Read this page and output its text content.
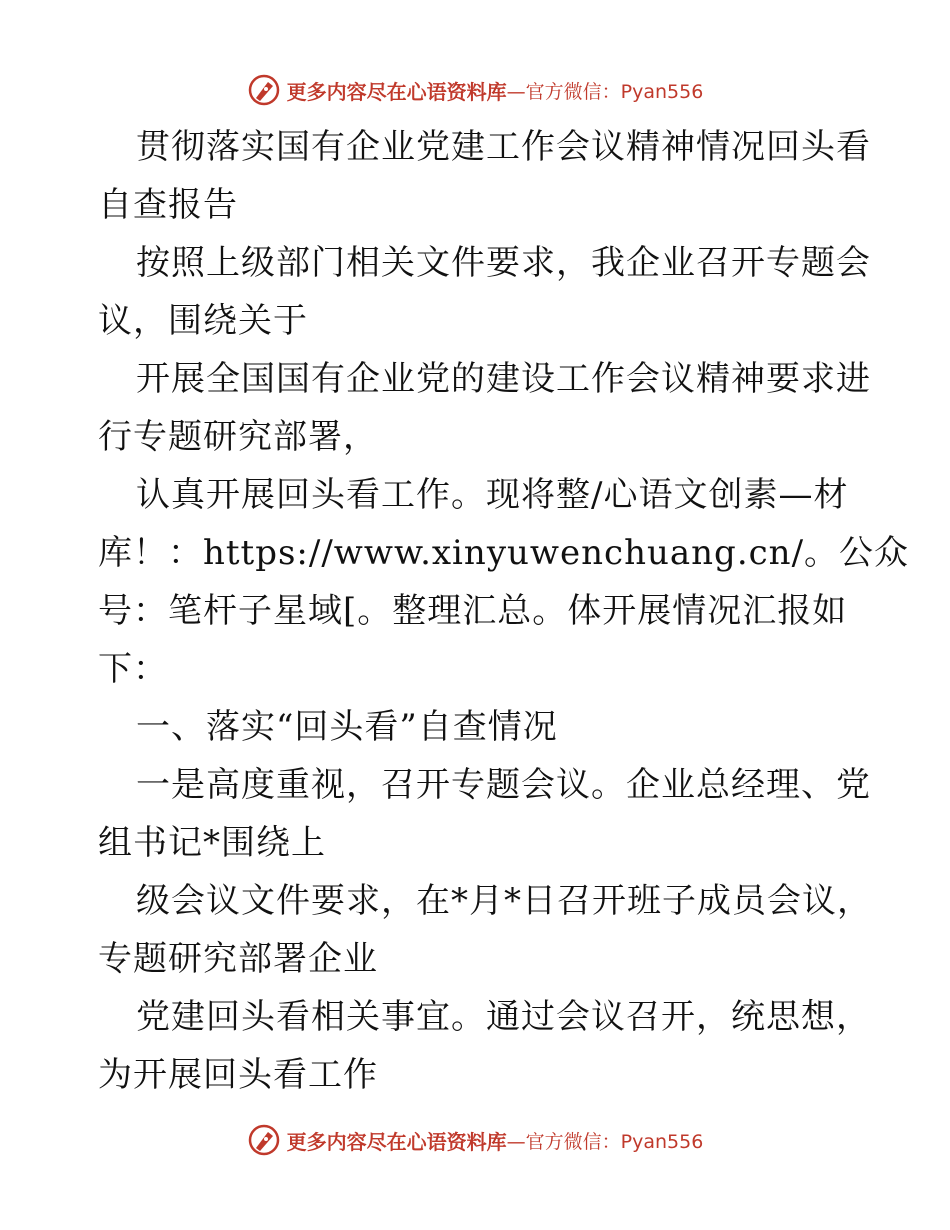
更多内容尽在心语资料库 —官方微信：Pyan556
贯彻落实国有企业党建工作会议精神情况回头看
自查报告
按照上级部门相关文件要求，我企业召开专题会
议，围绕关于
开展全国国有企业党的建设工作会议精神要求进
行专题研究部署，
认真开展回头看工作。现将整/心语文创素—材
库！：https://www.xinyuwenchuang.cn/。公众
号：笔杆子星域[。整理汇总。体开展情况汇报如
下：
一、落实“回头看”自查情况
一是高度重视，召开专题会议。企业总经理、党
组书记*围绕上
级会议文件要求，在*月*日召开班子成员会议，
专题研究部署企业
党建回头看相关事宜。通过会议召开，统思想，
为开展回头看工作
更多内容尽在心语资料库 —官方微信：Pyan556
